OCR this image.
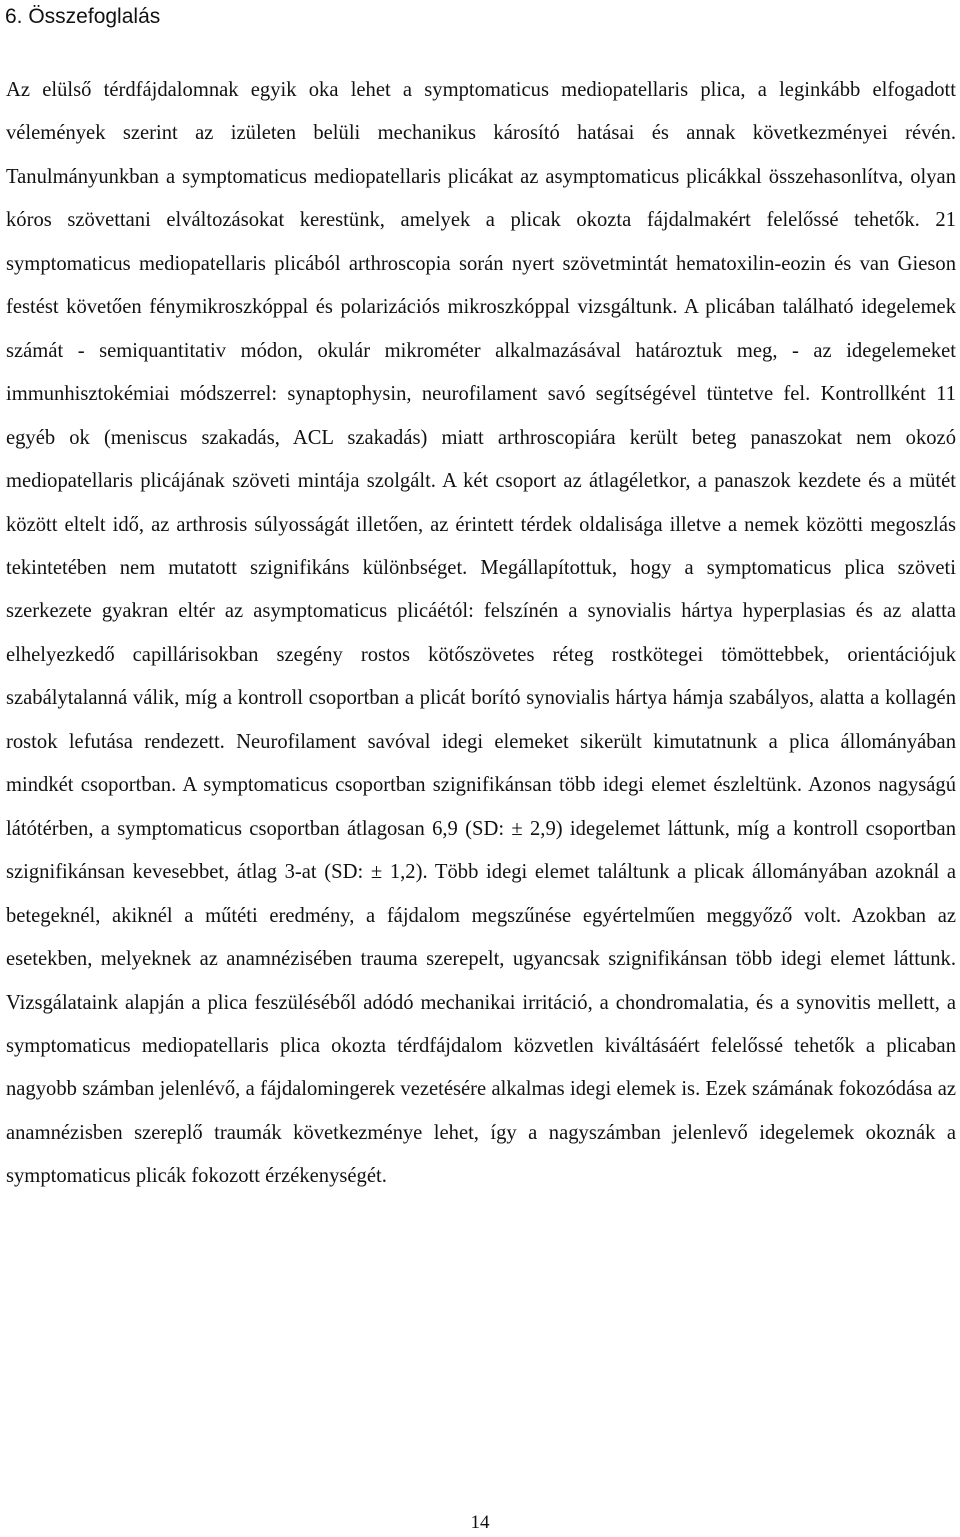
6. Összefoglalás

Az elülső térdfájdalomnak egyik oka lehet a symptomaticus mediopatellaris plica, a leginkább elfogadott vélemények szerint az izületen belüli mechanikus károsító hatásai és annak következményei révén. Tanulmányunkban a symptomaticus mediopatellaris plicákat az asymptomaticus plicákkal összehasonlítva, olyan kóros szövettani elváltozásokat kerestünk, amelyek a plicak okozta fájdalmakért felelőssé tehetők. 21 symptomaticus mediopatellaris plicából arthroscopia során nyert szövetmintát hematoxilin-eozin és van Gieson festést követően fénymikroszkóppal és polarizációs mikroszkóppal vizsgáltunk. A plicában található idegelemek számát - semiquantitativ módon, okulár mikrométer alkalmazásával határoztuk meg, - az idegelemeket immunhisztokémiai módszerrel: synaptophysin, neurofilament savó segítségével tüntetve fel. Kontrollként 11 egyéb ok (meniscus szakadás, ACL szakadás) miatt arthroscopiára került beteg panaszokat nem okozó mediopatellaris plicájának szöveti mintája szolgált. A két csoport az átlagéletkor, a panaszok kezdete és a mütét között eltelt idő, az arthrosis súlyosságát illetően, az érintett térdek oldalisága illetve a nemek közötti megoszlás tekintetében nem mutatott szignifikáns különbséget. Megállapítottuk, hogy a symptomaticus plica szöveti szerkezete gyakran eltér az asymptomaticus plicáétól: felszínén a synovialis hártya hyperplasias és az alatta elhelyezkedő capillárisokban szegény rostos kötőszövetes réteg rostkötegei tömöttebbek, orientációjuk szabálytalanná válik, míg a kontroll csoportban a plicát borító synovialis hártya hámja szabályos, alatta a kollagén rostok lefutása rendezett. Neurofilament savóval idegi elemeket sikerült kimutatnunk a plica állományában mindkét csoportban. A symptomaticus csoportban szignifikánsan több idegi elemet észleltünk. Azonos nagyságú látótérben, a symptomaticus csoportban átlagosan 6,9 (SD: ± 2,9) idegelemet láttunk, míg a kontroll csoportban szignifikánsan kevesebbet, átlag 3-at (SD: ± 1,2). Több idegi elemet találtunk a plicak állományában azoknál a betegeknél, akiknél a műtéti eredmény, a fájdalom megszűnése egyértelműen meggyőző volt. Azokban az esetekben, melyeknek az anamnézisében trauma szerepelt, ugyancsak szignifikánsan több idegi elemet láttunk. Vizsgálataink alapján a plica feszüléséből adódó mechanikai irritáció, a chondromalatia, és a synovitis mellett, a symptomaticus mediopatellaris plica okozta térdfájdalom közvetlen kiváltásáért felelőssé tehetők a plicaban nagyobb számban jelenlévő, a fájdalomingerek vezetésére alkalmas idegi elemek is. Ezek számának fokozódása az anamnézisben szereplő traumák következménye lehet, így a nagyszámban jelenlevő idegelemek okoznák a symptomaticus plicák fokozott érzékenységét.

14
